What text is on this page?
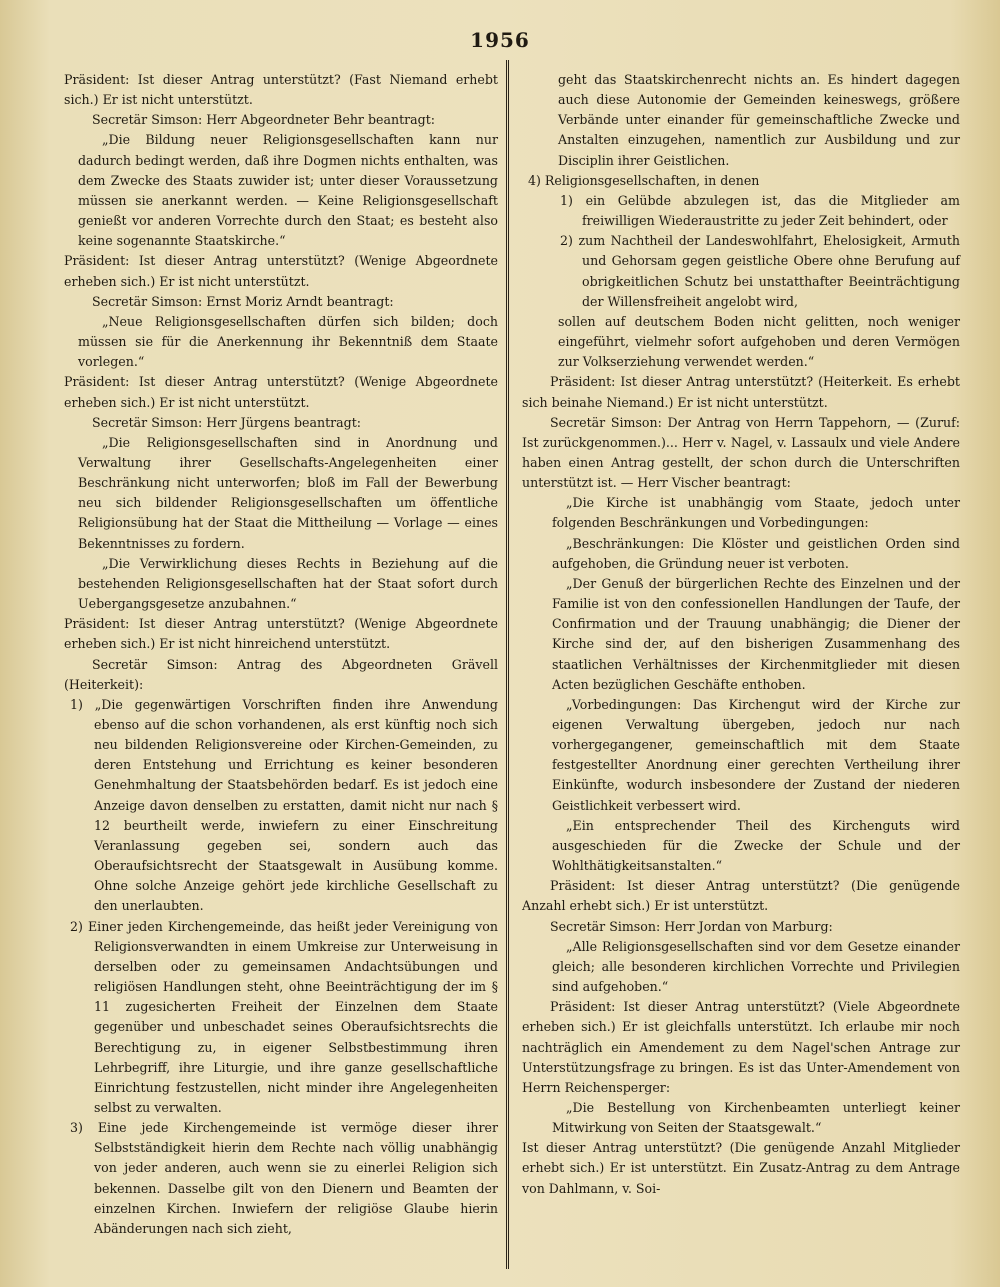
1956

Präsident: Ist dieser Antrag unterstützt? (Fast Niemand erhebt sich.) Er ist nicht unterstützt.

Secretär Simson: Herr Abgeordneter Behr beantragt:

„Die Bildung neuer Religionsgesellschaften kann nur dadurch bedingt werden, daß ihre Dogmen nichts enthalten, was dem Zwecke des Staats zuwider ist; unter dieser Voraussetzung müssen sie anerkannt werden. — Keine Religionsgesellschaft genießt vor anderen Vorrechte durch den Staat; es besteht also keine sogenannte Staatskirche.“

Präsident: Ist dieser Antrag unterstützt? (Wenige Abgeordnete erheben sich.) Er ist nicht unterstützt.

Secretär Simson: Ernst Moriz Arndt beantragt:

„Neue Religionsgesellschaften dürfen sich bilden; doch müssen sie für die Anerkennung ihr Bekenntniß dem Staate vorlegen.“

Präsident: Ist dieser Antrag unterstützt? (Wenige Abgeordnete erheben sich.) Er ist nicht unterstützt.

Secretär Simson: Herr Jürgens beantragt:

„Die Religionsgesellschaften sind in Anordnung und Verwaltung ihrer Gesellschafts-Angelegenheiten einer Beschränkung nicht unterworfen; bloß im Fall der Bewerbung neu sich bildender Religionsgesellschaften um öffentliche Religionsübung hat der Staat die Mittheilung — Vorlage — eines Bekenntnisses zu fordern.

„Die Verwirklichung dieses Rechts in Beziehung auf die bestehenden Religionsgesellschaften hat der Staat sofort durch Uebergangsgesetze anzubahnen.“

Präsident: Ist dieser Antrag unterstützt? (Wenige Abgeordnete erheben sich.) Er ist nicht hinreichend unterstützt.

Secretär Simson: Antrag des Abgeordneten Grävell (Heiterkeit):

1) „Die gegenwärtigen Vorschriften finden ihre Anwendung ebenso auf die schon vorhandenen, als erst künftig noch sich neu bildenden Religionsvereine oder Kirchen-Gemeinden, zu deren Entstehung und Errichtung es keiner besonderen Genehmhaltung der Staatsbehörden bedarf. Es ist jedoch eine Anzeige davon denselben zu erstatten, damit nicht nur nach § 12 beurtheilt werde, inwiefern zu einer Einschreitung Veranlassung gegeben sei, sondern auch das Oberaufsichtsrecht der Staatsgewalt in Ausübung komme. Ohne solche Anzeige gehört jede kirchliche Gesellschaft zu den unerlaubten.

2) Einer jeden Kirchengemeinde, das heißt jeder Vereinigung von Religionsverwandten in einem Umkreise zur Unterweisung in derselben oder zu gemeinsamen Andachtsübungen und religiösen Handlungen steht, ohne Beeinträchtigung der im § 11 zugesicherten Freiheit der Einzelnen dem Staate gegenüber und unbeschadet seines Oberaufsichtsrechts die Berechtigung zu, in eigener Selbstbestimmung ihren Lehrbegriff, ihre Liturgie, und ihre ganze gesellschaftliche Einrichtung festzustellen, nicht minder ihre Angelegenheiten selbst zu verwalten.

3) Eine jede Kirchengemeinde ist vermöge dieser ihrer Selbstständigkeit hierin dem Rechte nach völlig unabhängig von jeder anderen, auch wenn sie zu einerlei Religion sich bekennen. Dasselbe gilt von den Dienern und Beamten der einzelnen Kirchen. Inwiefern der religiöse Glaube hierin Abänderungen nach sich zieht,

geht das Staatskirchenrecht nichts an. Es hindert dagegen auch diese Autonomie der Gemeinden keineswegs, größere Verbände unter einander für gemeinschaftliche Zwecke und Anstalten einzugehen, namentlich zur Ausbildung und zur Disciplin ihrer Geistlichen.

4) Religionsgesellschaften, in denen

1) ein Gelübde abzulegen ist, das die Mitglieder am freiwilligen Wiederaustritte zu jeder Zeit behindert, oder

2) zum Nachtheil der Landeswohlfahrt, Ehelosigkeit, Armuth und Gehorsam gegen geistliche Obere ohne Berufung auf obrigkeitlichen Schutz bei unstatthafter Beeinträchtigung der Willensfreiheit angelobt wird,

sollen auf deutschem Boden nicht gelitten, noch weniger eingeführt, vielmehr sofort aufgehoben und deren Vermögen zur Volkserziehung verwendet werden.“

Präsident: Ist dieser Antrag unterstützt? (Heiterkeit. Es erhebt sich beinahe Niemand.) Er ist nicht unterstützt.

Secretär Simson: Der Antrag von Herrn Tappehorn, — (Zuruf: Ist zurückgenommen.)... Herr v. Nagel, v. Lassaulx und viele Andere haben einen Antrag gestellt, der schon durch die Unterschriften unterstützt ist. — Herr Vischer beantragt:

„Die Kirche ist unabhängig vom Staate, jedoch unter folgenden Beschränkungen und Vorbedingungen:

„Beschränkungen: Die Klöster und geistlichen Orden sind aufgehoben, die Gründung neuer ist verboten.

„Der Genuß der bürgerlichen Rechte des Einzelnen und der Familie ist von den confessionellen Handlungen der Taufe, der Confirmation und der Trauung unabhängig; die Diener der Kirche sind der, auf den bisherigen Zusammenhang des staatlichen Verhältnisses der Kirchenmitglieder mit diesen Acten bezüglichen Geschäfte enthoben.

„Vorbedingungen: Das Kirchengut wird der Kirche zur eigenen Verwaltung übergeben, jedoch nur nach vorhergegangener, gemeinschaftlich mit dem Staate festgestellter Anordnung einer gerechten Vertheilung ihrer Einkünfte, wodurch insbesondere der Zustand der niederen Geistlichkeit verbessert wird.

„Ein entsprechender Theil des Kirchenguts wird ausgeschieden für die Zwecke der Schule und der Wohlthätigkeitsanstalten.“

Präsident: Ist dieser Antrag unterstützt? (Die genügende Anzahl erhebt sich.) Er ist unterstützt.

Secretär Simson: Herr Jordan von Marburg:

„Alle Religionsgesellschaften sind vor dem Gesetze einander gleich; alle besonderen kirchlichen Vorrechte und Privilegien sind aufgehoben.“

Präsident: Ist dieser Antrag unterstützt? (Viele Abgeordnete erheben sich.) Er ist gleichfalls unterstützt. Ich erlaube mir noch nachträglich ein Amendement zu dem Nagel'schen Antrage zur Unterstützungsfrage zu bringen. Es ist das Unter-Amendement von Herrn Reichensperger:

„Die Bestellung von Kirchenbeamten unterliegt keiner Mitwirkung von Seiten der Staatsgewalt.“

Ist dieser Antrag unterstützt? (Die genügende Anzahl Mitglieder erhebt sich.) Er ist unterstützt. Ein Zusatz-Antrag zu dem Antrage von Dahlmann, v. Soi-
